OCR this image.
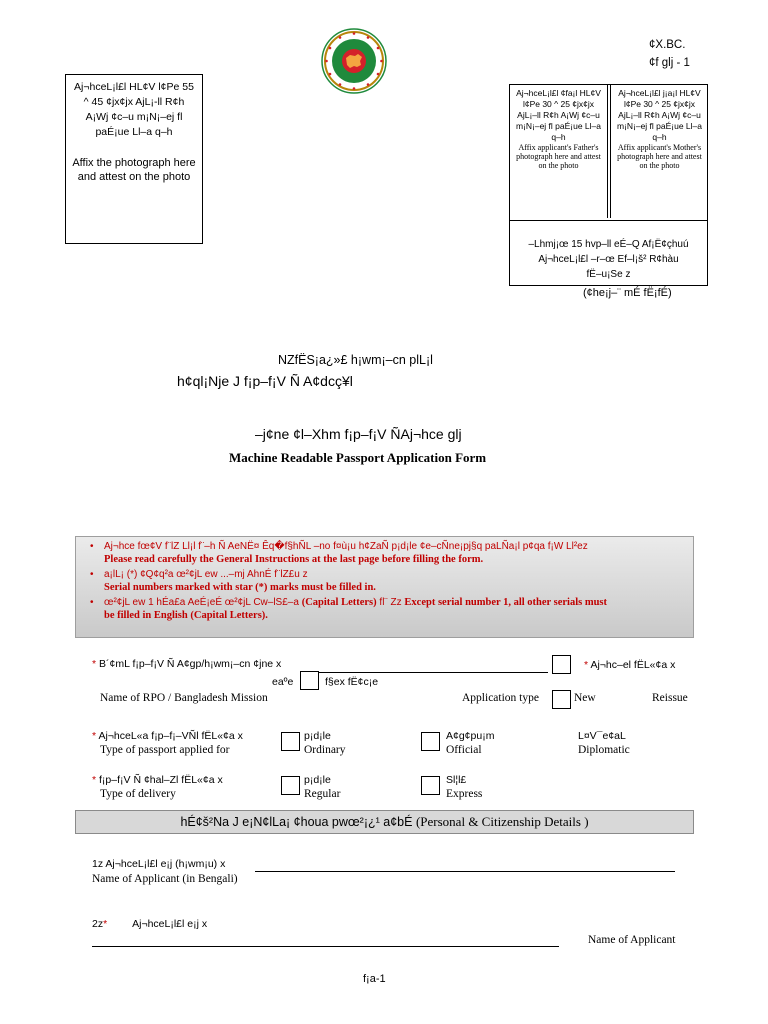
¢X.BC.
¢f glj - 1
Aj¬hceL¡l£l HL¢V l¢Pe 55 ^ 45 ¢jx¢jx AjL¡-ll R¢h A¡Wj ¢c–u m¡N¡–ej fl paÉ¡ue Ll–a q–h
Affix the photograph here and attest on the photo
Aj¬hceL¡l£l ¢fa¡l HL¢V l¢Pe 30 ^ 25 ¢jx¢jx AjL¡–ll R¢h A¡Wj ¢c–u m¡N¡–ej fl paÉ¡ue Ll–a q–h
Affix applicant's Father's photograph here and attest on the photo
Aj¬hceL¡l£l j¡a¡l HL¢V l¢Pe 30 ^ 25 ¢jx¢jx AjL¡–ll R¢h A¡Wj ¢c–u m¡N¡–ej fl paÉ¡ue Ll–a q–h
Affix applicant's Mother's photograph here and attest on the photo
–Lhmj¡œ 15 hvp–ll eÉ–Q Af¡Ë¢çhuú
Aj¬hceL¡l£l –r–œ Ef–l¡š² R¢hàu
fË–u¡Se z
(¢he¡j–¨ mÉ fË¡fÉ)
NZfËS¡a¿»£ h¡wm¡–cn plL¡l
h¢ql¡Nje J f¡p–f¡V Ñ A¢dcç¥l
–j¢ne ¢l–Xhm f¡p–f¡V ÑAj¬hce glj
Machine Readable Passport Application Form
• Aj¬hce fœ¢V f¨lZ Ll¡l f¨–h Ñ AeNË¤ Êq�f§hÑL –no f¤ù¡u h¢ZaÑ p¡d¡le ¢e–cÑne¡pj§q paLÑa¡l p¢qa f¡W Ll²ez
Please read carefully the General Instructions at the last page before filling the form.
• a¡lL¡ (*) ¢Q¢q²a œ²¢jL ew ...–mj AhnÉ f¨lZ£u z
Serial numbers marked with star (*) marks must be filled in.
• œ²¢jL ew 1 hÉa£a AeÉ¡eÉ œ²¢jL Cw–lS£–a (Capital Letters) fl¨ Zz Except serial number 1, all other serials must
be filled in English (Capital Letters).
* B´¢mL f¡p–f¡V Ñ A¢gp/h¡wm¡–cn ¢jne x
Name of RPO / Bangladesh Mission
* Aj¬hc–el fËL«¢a x
eaºe	f§ex fË¢c¡e
Application type	New	Reissue
* Aj¬hceL«a f¡p–f¡–VÑl fËL«¢a x
Type of passport applied for
p¡d¡le
Ordinary
A¢g¢pu¡m
Official
L¤V¯e¢aL
Diplomatic
* f¡p–f¡V Ñ ¢hal–Zl fËL«¢a x
Type of delivery
p¡d¡le
Regular
Sl¦l£
Express
hÉ¢š²Na J e¡N¢lLa¡ ¢houa pwœ²¡¿¹ a¢bÉ (Personal & Citizenship Details )
1z Aj¬hceL¡l£l e¡j (h¡wm¡u) x
Name of Applicant (in Bengali)
2z* Aj¬hceL¡l£l e¡j x
Name of Applicant
f¡a-1
